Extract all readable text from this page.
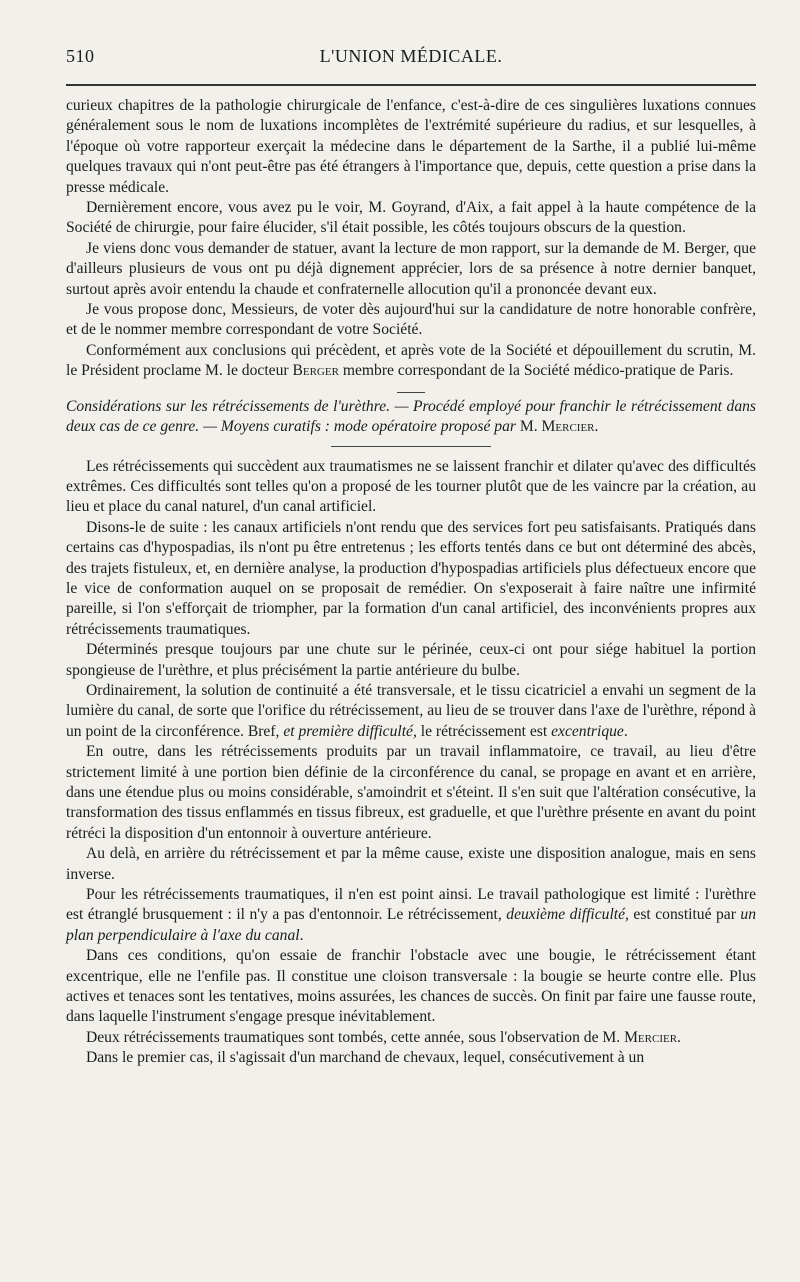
510	L'UNION MÉDICALE.

curieux chapitres de la pathologie chirurgicale de l'enfance, c'est-à-dire de ces singulières luxations connues généralement sous le nom de luxations incomplètes de l'extrémité supérieure du radius, et sur lesquelles, à l'époque où votre rapporteur exerçait la médecine dans le département de la Sarthe, il a publié lui-même quelques travaux qui n'ont peut-être pas été étrangers à l'importance que, depuis, cette question a prise dans la presse médicale.

Dernièrement encore, vous avez pu le voir, M. Goyrand, d'Aix, a fait appel à la haute compétence de la Société de chirurgie, pour faire élucider, s'il était possible, les côtés toujours obscurs de la question.

Je viens donc vous demander de statuer, avant la lecture de mon rapport, sur la demande de M. Berger, que d'ailleurs plusieurs de vous ont pu déjà dignement apprécier, lors de sa présence à notre dernier banquet, surtout après avoir entendu la chaude et confraternelle allocution qu'il a prononcée devant eux.

Je vous propose donc, Messieurs, de voter dès aujourd'hui sur la candidature de notre honorable confrère, et de le nommer membre correspondant de votre Société.

Conformément aux conclusions qui précèdent, et après vote de la Société et dépouillement du scrutin, M. le Président proclame M. le docteur Berger membre correspondant de la Société médico-pratique de Paris.

Considérations sur les rétrécissements de l'urèthre. — Procédé employé pour franchir le rétrécissement dans deux cas de ce genre. — Moyens curatifs : mode opératoire proposé par M. Mercier.

Les rétrécissements qui succèdent aux traumatismes ne se laissent franchir et dilater qu'avec des difficultés extrêmes. Ces difficultés sont telles qu'on a proposé de les tourner plutôt que de les vaincre par la création, au lieu et place du canal naturel, d'un canal artificiel.

Disons-le de suite : les canaux artificiels n'ont rendu que des services fort peu satisfaisants. Pratiqués dans certains cas d'hypospadias, ils n'ont pu être entretenus ; les efforts tentés dans ce but ont déterminé des abcès, des trajets fistuleux, et, en dernière analyse, la production d'hypospadias artificiels plus défectueux encore que le vice de conformation auquel on se proposait de remédier. On s'exposerait à faire naître une infirmité pareille, si l'on s'efforçait de triompher, par la formation d'un canal artificiel, des inconvénients propres aux rétrécissements traumatiques.

Déterminés presque toujours par une chute sur le périnée, ceux-ci ont pour siége habituel la portion spongieuse de l'urèthre, et plus précisément la partie antérieure du bulbe.

Ordinairement, la solution de continuité a été transversale, et le tissu cicatriciel a envahi un segment de la lumière du canal, de sorte que l'orifice du rétrécissement, au lieu de se trouver dans l'axe de l'urèthre, répond à un point de la circonférence. Bref, et première difficulté, le rétrécissement est excentrique.

En outre, dans les rétrécissements produits par un travail inflammatoire, ce travail, au lieu d'être strictement limité à une portion bien définie de la circonférence du canal, se propage en avant et en arrière, dans une étendue plus ou moins considérable, s'amoindrit et s'éteint. Il s'en suit que l'altération consécutive, la transformation des tissus enflammés en tissus fibreux, est graduelle, et que l'urèthre présente en avant du point rétréci la disposition d'un entonnoir à ouverture antérieure.

Au delà, en arrière du rétrécissement et par la même cause, existe une disposition analogue, mais en sens inverse.

Pour les rétrécissements traumatiques, il n'en est point ainsi. Le travail pathologique est limité : l'urèthre est étranglé brusquement : il n'y a pas d'entonnoir. Le rétrécissement, deuxième difficulté, est constitué par un plan perpendiculaire à l'axe du canal.

Dans ces conditions, qu'on essaie de franchir l'obstacle avec une bougie, le rétrécissement étant excentrique, elle ne l'enfile pas. Il constitue une cloison transversale : la bougie se heurte contre elle. Plus actives et tenaces sont les tentatives, moins assurées, les chances de succès. On finit par faire une fausse route, dans laquelle l'instrument s'engage presque inévitablement.

Deux rétrécissements traumatiques sont tombés, cette année, sous l'observation de M. Mercier.

Dans le premier cas, il s'agissait d'un marchand de chevaux, lequel, consécutivement à un
